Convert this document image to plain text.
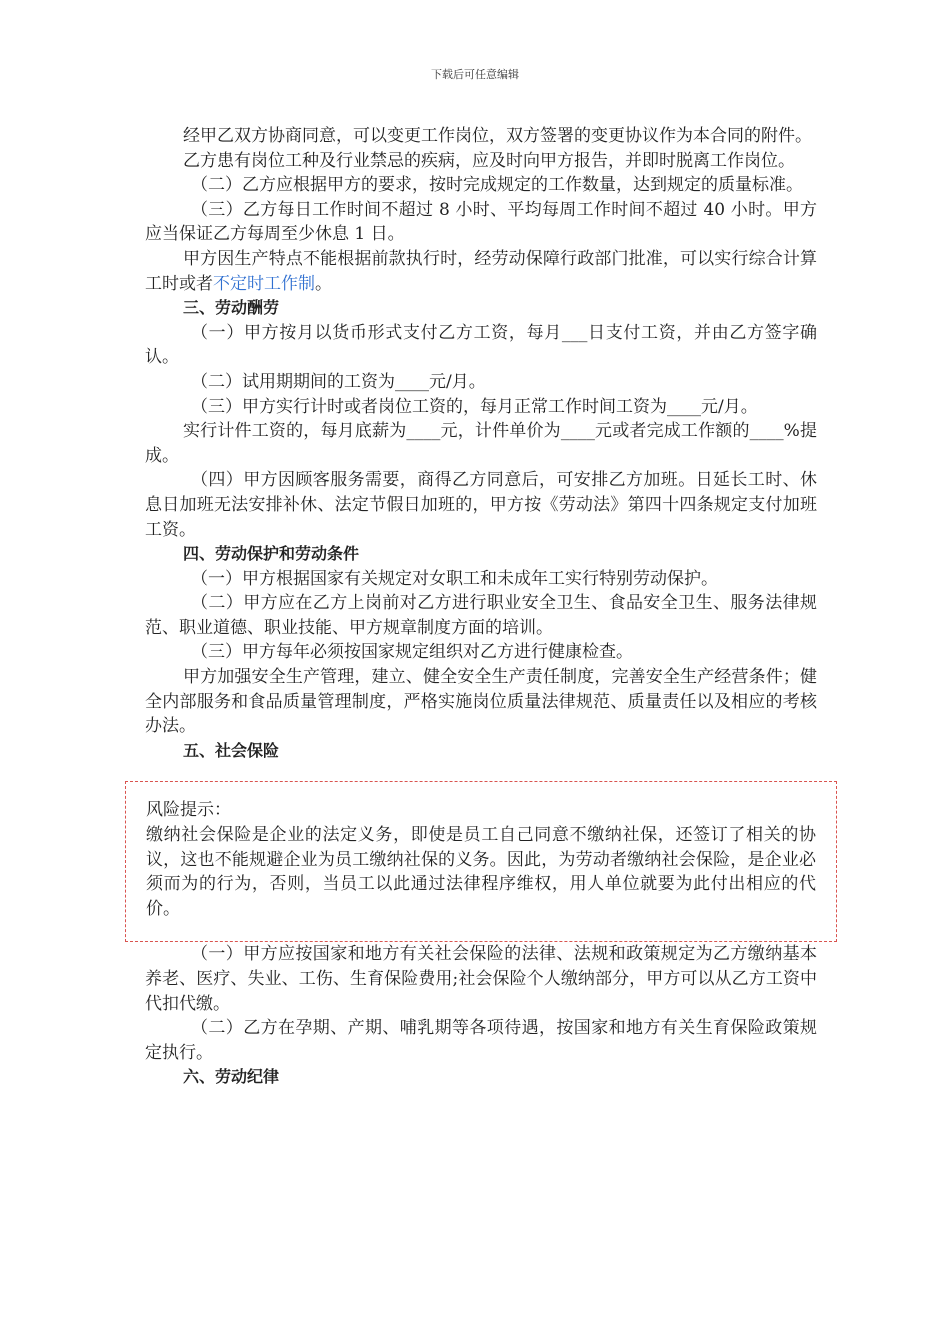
下载后可任意编辑

经甲乙双方协商同意，可以变更工作岗位，双方签署的变更协议作为本合同的附件。

乙方患有岗位工种及行业禁忌的疾病，应及时向甲方报告，并即时脱离工作岗位。

（二）乙方应根据甲方的要求，按时完成规定的工作数量，达到规定的质量标准。

（三）乙方每日工作时间不超过 8 小时、平均每周工作时间不超过 40 小时。甲方应当保证乙方每周至少休息 1 日。

甲方因生产特点不能根据前款执行时，经劳动保障行政部门批准，可以实行综合计算工时或者不定时工作制。

三、劳动酬劳

（一）甲方按月以货币形式支付乙方工资，每月___日支付工资，并由乙方签字确认。

（二）试用期期间的工资为____元/月。

（三）甲方实行计时或者岗位工资的，每月正常工作时间工资为____元/月。

实行计件工资的，每月底薪为____元，计件单价为____元或者完成工作额的____%提成。

（四）甲方因顾客服务需要，商得乙方同意后，可安排乙方加班。日延长工时、休息日加班无法安排补休、法定节假日加班的，甲方按《劳动法》第四十四条规定支付加班工资。

四、劳动保护和劳动条件

（一）甲方根据国家有关规定对女职工和未成年工实行特别劳动保护。

（二）甲方应在乙方上岗前对乙方进行职业安全卫生、食品安全卫生、服务法律规范、职业道德、职业技能、甲方规章制度方面的培训。

（三）甲方每年必须按国家规定组织对乙方进行健康检查。

甲方加强安全生产管理，建立、健全安全生产责任制度，完善安全生产经营条件；健全内部服务和食品质量管理制度，严格实施岗位质量法律规范、质量责任以及相应的考核办法。

五、社会保险

风险提示：

缴纳社会保险是企业的法定义务，即使是员工自己同意不缴纳社保，还签订了相关的协议，这也不能规避企业为员工缴纳社保的义务。因此，为劳动者缴纳社会保险，是企业必须而为的行为，否则，当员工以此通过法律程序维权，用人单位就要为此付出相应的代价。

（一）甲方应按国家和地方有关社会保险的法律、法规和政策规定为乙方缴纳基本养老、医疗、失业、工伤、生育保险费用;社会保险个人缴纳部分，甲方可以从乙方工资中代扣代缴。

（二）乙方在孕期、产期、哺乳期等各项待遇，按国家和地方有关生育保险政策规定执行。

六、劳动纪律
